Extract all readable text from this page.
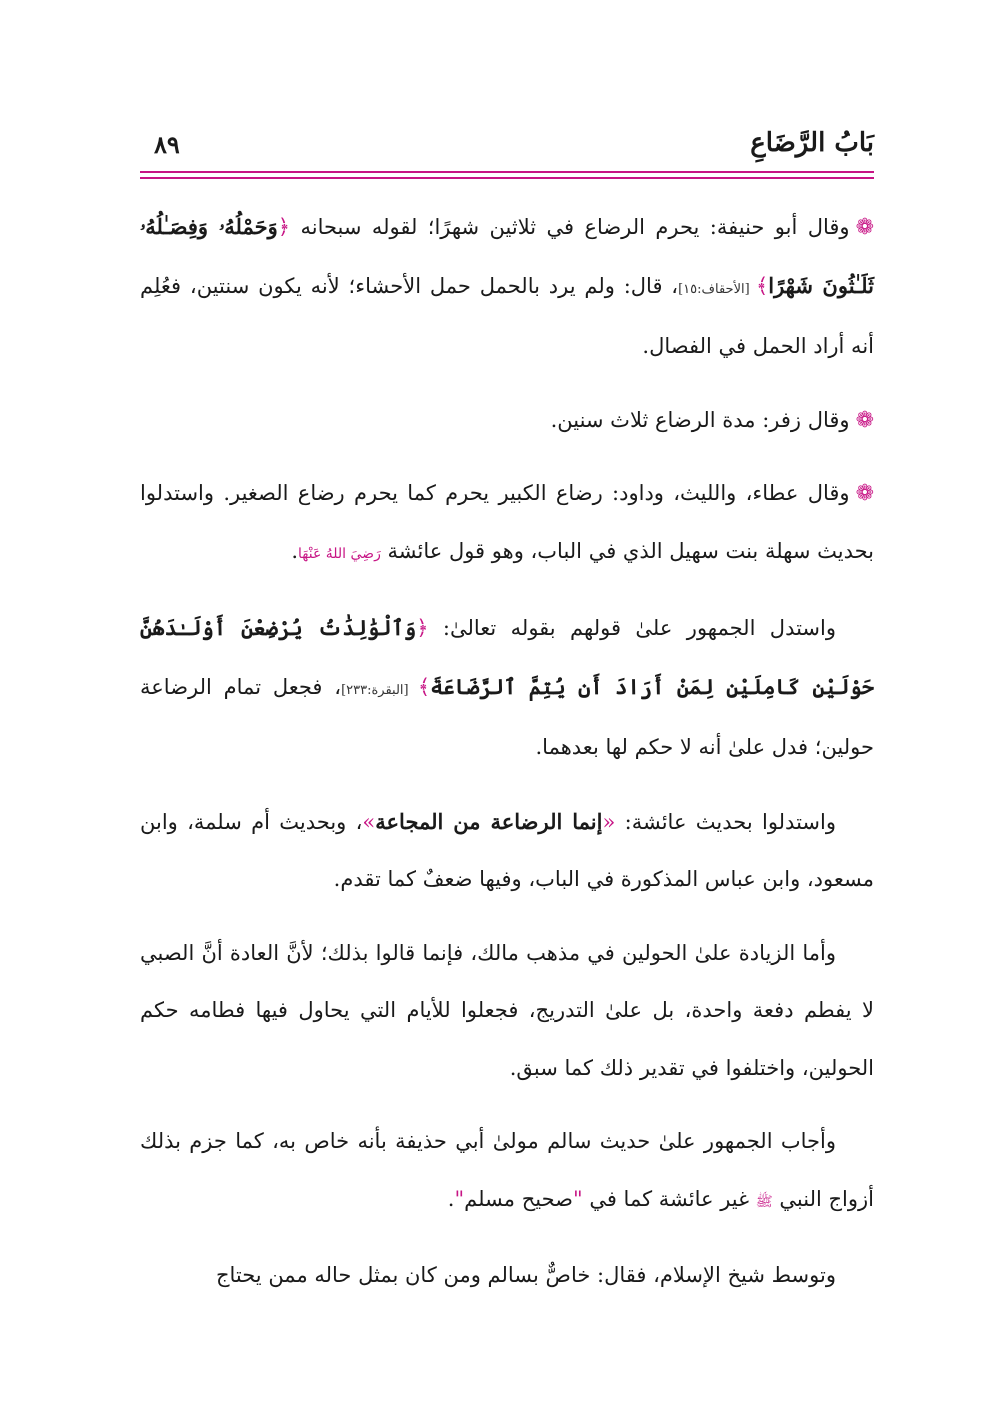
بَابُ الرَّضَاعِ
٨٩

❁وقال أبو حنيفة: يحرم الرضاع في ثلاثين شهرًا؛ لقوله سبحانه ﴿وَحَمْلُهُۥ وَفِصَـٰلُهُۥ ثَلَـٰثُونَ شَهْرًا﴾ [الأحقاف:١٥]، قال: ولم يرد بالحمل حمل الأحشاء؛ لأنه يكون سنتين، فعُلِم أنه أراد الحمل في الفصال.

❁وقال زفر: مدة الرضاع ثلاث سنين.

❁وقال عطاء، والليث، وداود: رضاع الكبير يحرم كما يحرم رضاع الصغير. واستدلوا بحديث سهلة بنت سهيل الذي في الباب، وهو قول عائشة رَضِيَ اللهُ عَنْهَا.

واستدل الجمهور علىٰ قولهم بقوله تعالىٰ: ﴿وَٱلْوَٰلِدَٰتُ يُرْضِعْنَ أَوْلَـٰدَهُنَّ حَوْلَيْنِ كَامِلَيْنِ لِمَنْ أَرَادَ أَن يُتِمَّ ٱلرَّضَاعَةَ﴾ [البقرة:٢٣٣]، فجعل تمام الرضاعة حولين؛ فدل علىٰ أنه لا حكم لها بعدهما.

واستدلوا بحديث عائشة: «إنما الرضاعة من المجاعة»، وبحديث أم سلمة، وابن مسعود، وابن عباس المذكورة في الباب، وفيها ضعفٌ كما تقدم.

وأما الزيادة علىٰ الحولين في مذهب مالك، فإنما قالوا بذلك؛ لأنَّ العادة أنَّ الصبي لا يفطم دفعة واحدة، بل علىٰ التدريج، فجعلوا للأيام التي يحاول فيها فطامه حكم الحولين، واختلفوا في تقدير ذلك كما سبق.

وأجاب الجمهور علىٰ حديث سالم مولىٰ أبي حذيفة بأنه خاص به، كما جزم بذلك أزواج النبي ﷺ غير عائشة كما في "صحيح مسلم".

وتوسط شيخ الإسلام، فقال: خاصٌّ بسالم ومن كان بمثل حاله ممن يحتاج
